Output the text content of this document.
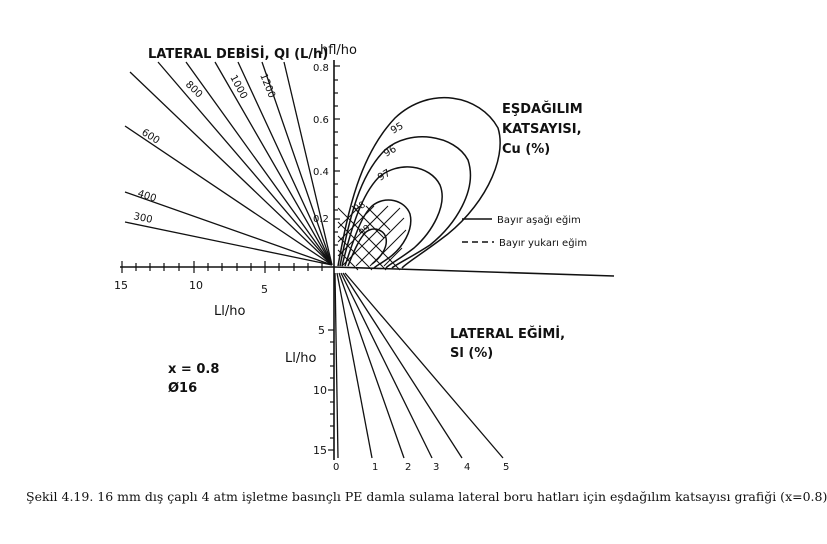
0.8
0.6
0.4
0.2
hfl/ho
15	10	5
Ll/ho
5
10
15
Ll/ho
300
400
600
800 1000 1200
LATERAL DEBİSİ, Ql (L/h)
0	1	2 3 4	5
LATERAL EĞİMİ,
Sl (%)
95
96
97
98
99
EŞDAĞILIM
KATSAYISI,
Cu (%)
Bayır aşağı eğim
Bayır yukarı eğim
x = 0.8
Ø16
Şekil 4.19. 16 mm dış çaplı 4 atm işletme basınçlı PE damla sulama lateral boru hatları için eşdağılım katsayısı grafiği (x=0.8)
